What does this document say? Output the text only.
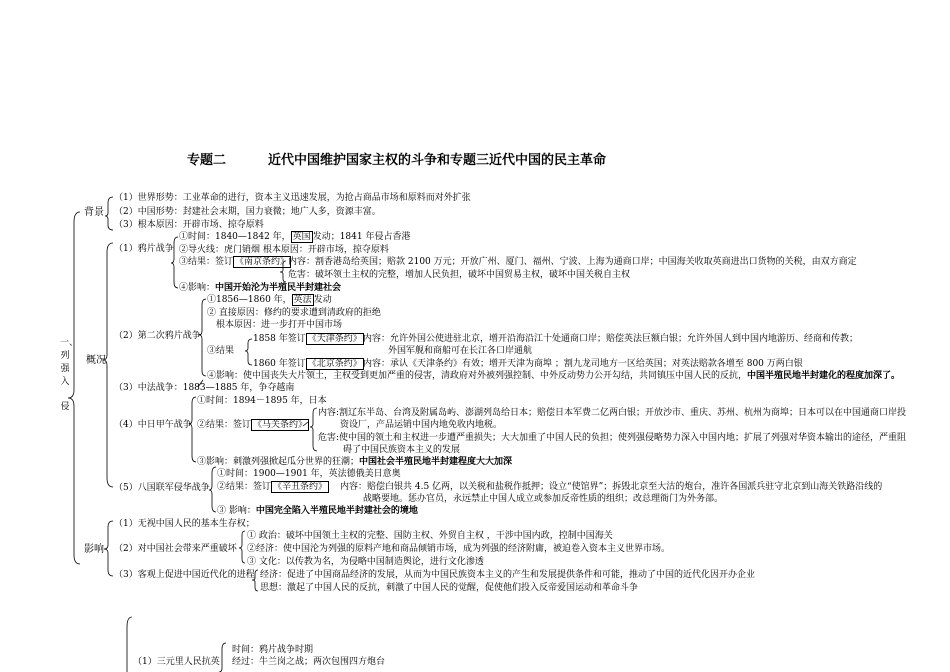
专题二	近代中国维护国家主权的斗争和专题三近代中国的民主革命
一、
列
强
入
侵
背景
（1）世界形势：工业革命的进行，资本主义迅速发展，为抢占商品市场和原料而对外扩张
（2）中国形势：封建社会末期，国力衰微；地广人多，资源丰富。
（3）根本原因：开辟市场、掠夺原料
概况
（1）鸦片战争
①时间：1840—1842 年， 英国 发动；1841 年侵占香港
②导火线：虎门销烟 根本原因：开辟市场，掠夺原料
③结果：签订 《南京条约》
内容：割香港岛给英国；赔款 2100 万元；开放广州、厦门、福州、宁波、上海为通商口岸；中国海关收取英商进出口货物的关税，由双方商定
危害：破坏领土主权的完整，增加人民负担，破坏中国贸易主权，破坏中国关税自主权
④影响：中国开始沦为半殖民半封建社会
（2）第二次鸦片战争
①1856—1860 年， 英法 发动
② 直接原因：修约的要求遭到清政府的拒绝
根本原因：进一步打开中国市场
③结果
1858 年签订 《天津条约》 内容：允许外国公使进驻北京，增开沿海沿江十处通商口岸；赔偿英法巨额白银；允许外国人到中国内地游历、经商和传教；
外国军舰和商船可在长江各口岸通航
1860 年签订 《北京条约》 内容：承认《天津条约》有效；增开天津为商埠 ；割九龙司地方一区给英国；对英法赔款各增至 800 万两白银
④影响：使中国丧失大片领土，主权受到更加严重的侵害，清政府对外被列强控制、中外反动势力公开勾结，共同镇压中国人民的反抗，中国半殖民地半封建化的程度加深了。
（3）中法战争：1883—1885 年，争夺越南
（4）中日甲午战争
①时间：1894－1895 年，日本
②结果：签订 《马关条约》
内容:割辽东半岛、台湾及附属岛屿、澎湖列岛给日本；赔偿日本军费二亿两白银；开放沙市、重庆、苏州、杭州为商埠；日本可以在中国通商口岸投
资设厂，产品运销中国内地免收内地税。
危害:使中国的领土和主权进一步遭严重损失；大大加重了中国人民的负担；使列强侵略势力深入中国内地；扩展了列强对华资本输出的途径，严重阻
碍了中国民族资本主义的发展
③影响：刺激列强掀起瓜分世界的狂潮；中国社会半殖民地半封建程度大大加深
（5）八国联军侵华战争
①时间：1900—1901 年，英法德俄美日意奥
②结果：签订 《辛丑条约》 内容：赔偿白银共 4.5 亿两，以关税和盐税作抵押；设立“使馆界”；拆毁北京至大沽的炮台，准许各国派兵驻守北京到山海关铁路沿线的
战略要地。惩办官员，永远禁止中国人成立或参加反帝性质的组织；改总理衙门为外务部。
③ 影响：中国完全陷入半殖民地半封建社会的境地
影响
（1）无视中国人民的基本生存权；
（2）对中国社会带来严重破坏
① 政治：破坏中国领土主权的完整、国防主权、外贸自主权 ，干涉中国内政，控制中国海关
②经济：使中国沦为列强的原料产地和商品倾销市场，成为列强的经济附庸，被迫卷入资本主义世界市场。
③ 文化：以传教为名，为侵略中国制造舆论，进行文化渗透
（3）客观上促进中国近代化的进程 经济：促进了中国商品经济的发展，从而为中国民族资本主义的产生和发展提供条件和可能，推动了中国的近代化因开办企业
思想：激起了中国人民的反抗，刺激了中国人民的觉醒，促使他们投入反帝爱国运动和革命斗争
（1）三元里人民抗英
时间：鸦片战争时期
经过：牛兰岗之战；两次包围四方炮台
